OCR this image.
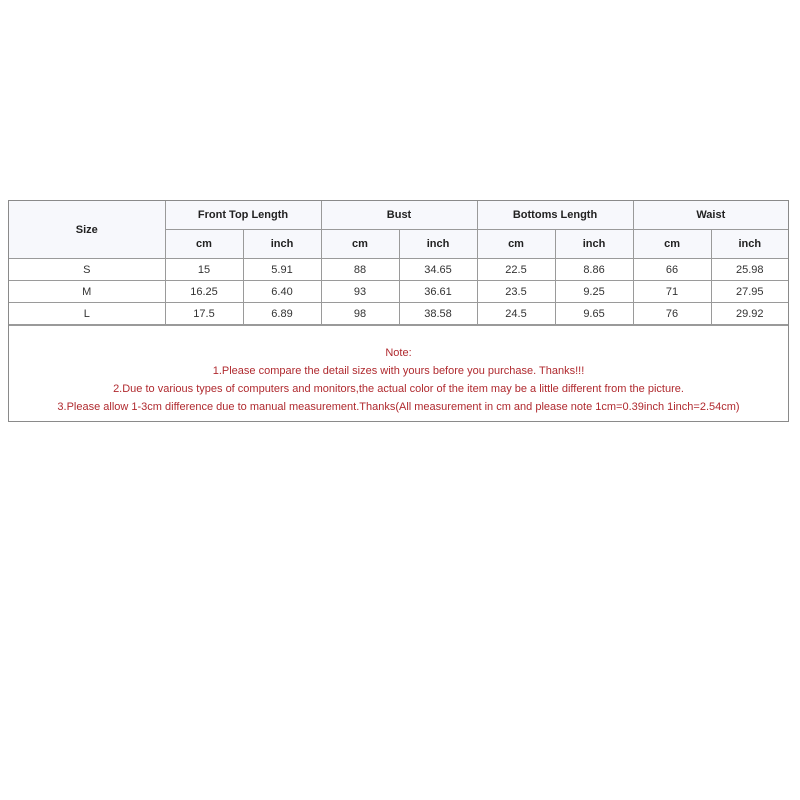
Size	Front Top Length		Bust		Bottoms Length		Waist	
	cm	inch	cm	inch	cm	inch	cm	inch
S	15	5.91	88	34.65	22.5	8.86	66	25.98
M	16.25	6.40	93	36.61	23.5	9.25	71	27.95
L	17.5	6.89	98	38.58	24.5	9.65	76	29.92
Note:
1.Please compare the detail sizes with yours before you purchase. Thanks!!!
2.Due to various types of computers and monitors,the actual color of the item may be a little different from the picture.
3.Please allow 1-3cm difference due to manual measurement.Thanks(All measurement in cm and please note 1cm=0.39inch 1inch=2.54cm)
